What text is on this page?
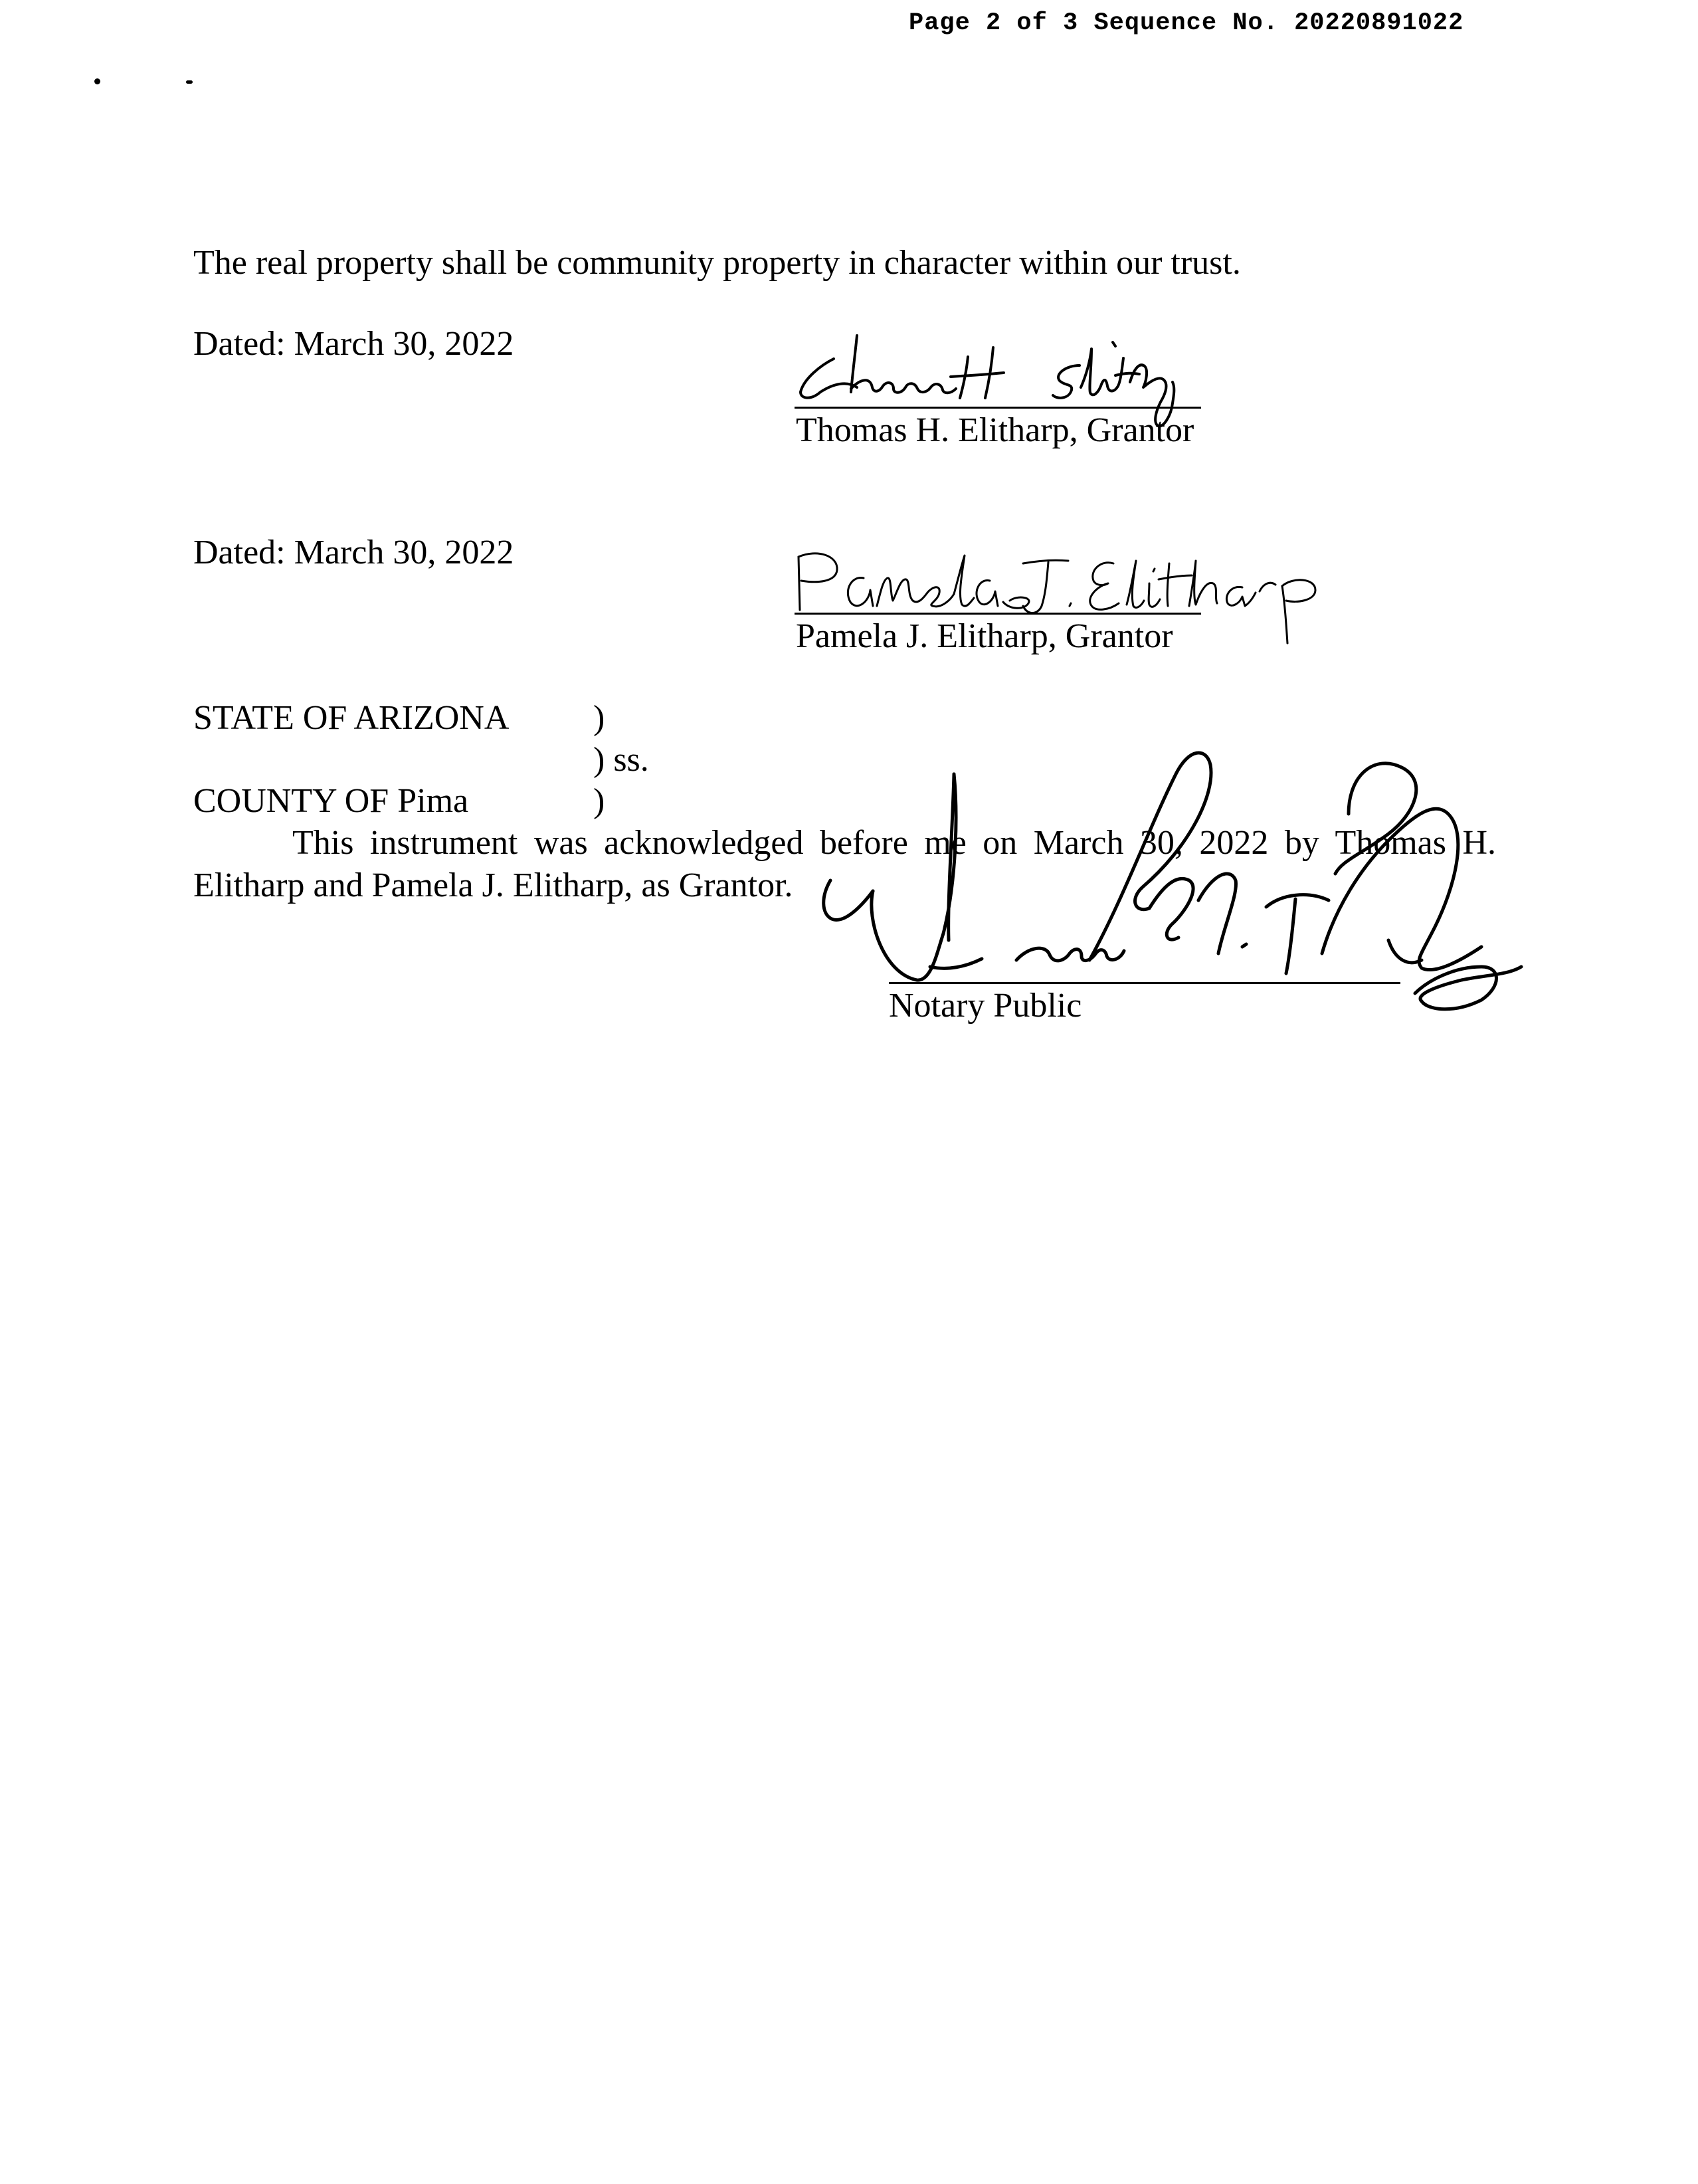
Page 2 of 3 Sequence No. 20220891022
The real property shall be community property in character within our trust.
Dated: March 30, 2022
Thomas H. Elitharp, Grantor
Dated: March 30, 2022
Pamela J. Elitharp, Grantor
STATE OF ARIZONA )
) ss.
COUNTY OF Pima	)
This instrument was acknowledged before me on March 30, 2022 by Thomas H.
Elitharp and Pamela J. Elitharp, as Grantor.
Notary Public
